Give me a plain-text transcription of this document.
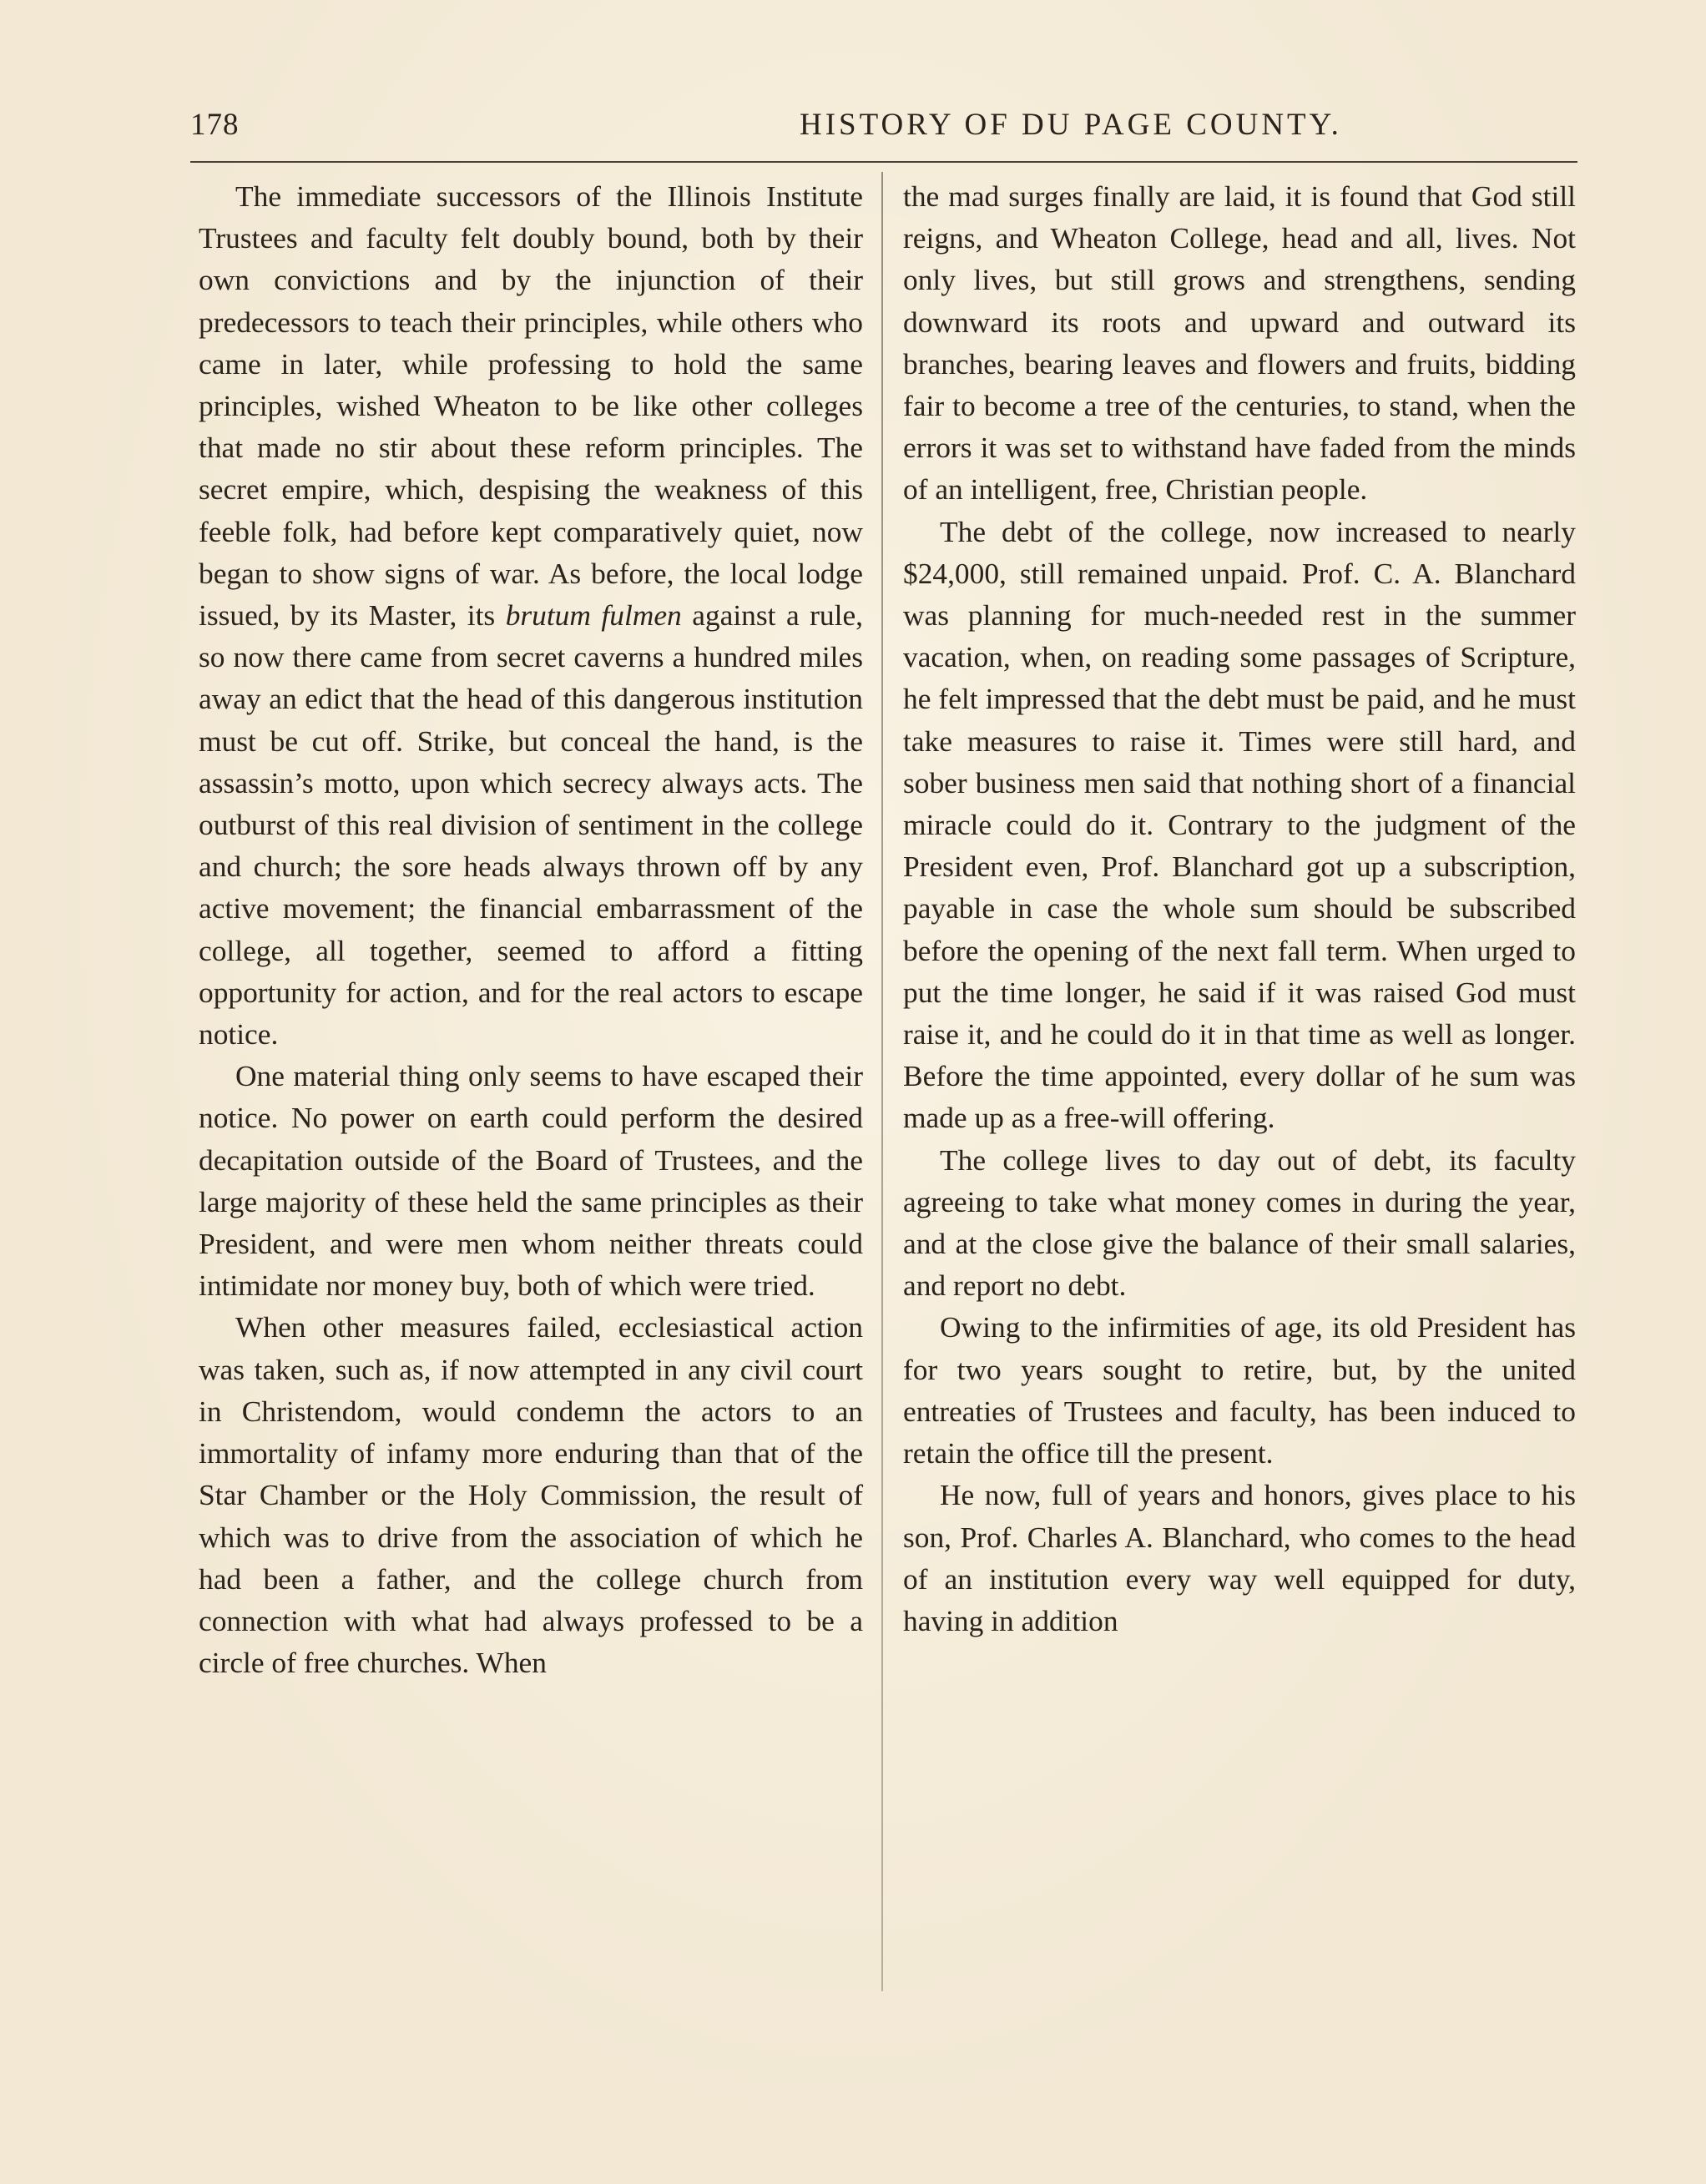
178	HISTORY OF DU PAGE COUNTY.

The immediate successors of the Illinois Institute Trustees and faculty felt doubly bound, both by their own convictions and by the injunction of their predecessors to teach their principles, while others who came in later, while professing to hold the same principles, wished Wheaton to be like other colleges that made no stir about these reform principles. The secret empire, which, despising the weakness of this feeble folk, had before kept comparatively quiet, now began to show signs of war. As before, the local lodge issued, by its Master, its brutum fulmen against a rule, so now there came from secret caverns a hundred miles away an edict that the head of this dangerous institution must be cut off. Strike, but conceal the hand, is the assassin’s motto, upon which secrecy always acts. The outburst of this real division of sentiment in the college and church; the sore heads always thrown off by any active movement; the financial embarrassment of the college, all together, seemed to afford a fitting opportunity for action, and for the real actors to escape notice.

One material thing only seems to have escaped their notice. No power on earth could perform the desired decapitation outside of the Board of Trustees, and the large majority of these held the same principles as their President, and were men whom neither threats could intimidate nor money buy, both of which were tried.

When other measures failed, ecclesiastical action was taken, such as, if now attempted in any civil court in Christendom, would condemn the actors to an immortality of infamy more enduring than that of the Star Chamber or the Holy Commission, the result of which was to drive from the association of which he had been a father, and the college church from connection with what had always professed to be a circle of free churches. When

the mad surges finally are laid, it is found that God still reigns, and Wheaton College, head and all, lives. Not only lives, but still grows and strengthens, sending downward its roots and upward and outward its branches, bearing leaves and flowers and fruits, bidding fair to become a tree of the centuries, to stand, when the errors it was set to withstand have faded from the minds of an intelligent, free, Christian people.

The debt of the college, now increased to nearly $24,000, still remained unpaid. Prof. C. A. Blanchard was planning for much-needed rest in the summer vacation, when, on reading some passages of Scripture, he felt impressed that the debt must be paid, and he must take measures to raise it. Times were still hard, and sober business men said that nothing short of a financial miracle could do it. Contrary to the judgment of the President even, Prof. Blanchard got up a subscription, payable in case the whole sum should be subscribed before the opening of the next fall term. When urged to put the time longer, he said if it was raised God must raise it, and he could do it in that time as well as longer. Before the time appointed, every dollar of he sum was made up as a free-will offering.

The college lives to day out of debt, its faculty agreeing to take what money comes in during the year, and at the close give the balance of their small salaries, and report no debt.

Owing to the infirmities of age, its old President has for two years sought to retire, but, by the united entreaties of Trustees and faculty, has been induced to retain the office till the present.

He now, full of years and honors, gives place to his son, Prof. Charles A. Blanchard, who comes to the head of an institution every way well equipped for duty, having in addition
